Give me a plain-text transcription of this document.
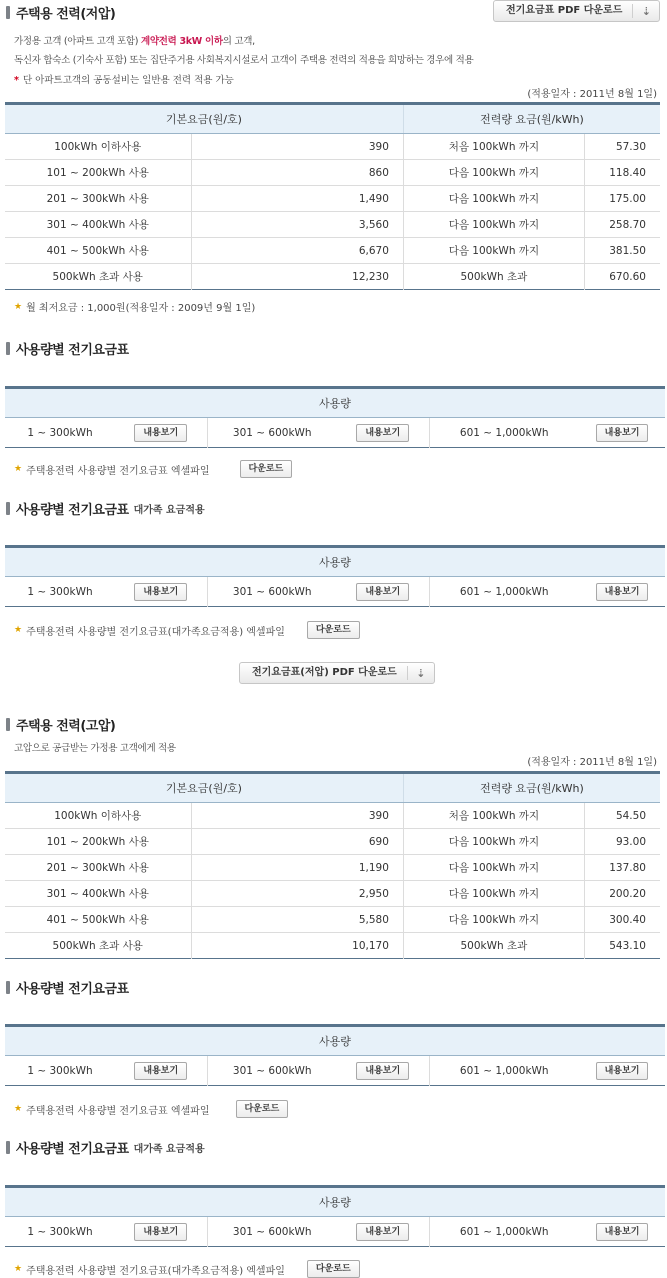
주택용 전력(저압)	전기요금표 PDF 다운로드	⇣
가정용 고객 (아파트 고객 포함) 계약전력 3kW 이하의 고객,
독신자 합숙소 (기숙사 포함) 또는 집단주거용 사회복지시설로서 고객이 주택용 전력의 적용을 희망하는 경우에 적용
* 단 아파트고객의 공동설비는 일반용 전력 적용 가능
(적용일자 : 2011년 8월 1일)
기본요금(원/호)		전력량 요금(원/kWh)	
100kWh 이하사용	390	처음 100kWh 까지	57.30
101 ~ 200kWh 사용	860	다음 100kWh 까지	118.40
201 ~ 300kWh 사용	1,490	다음 100kWh 까지	175.00
301 ~ 400kWh 사용	3,560	다음 100kWh 까지	258.70
401 ~ 500kWh 사용	6,670	다음 100kWh 까지	381.50
500kWh 초과 사용	12,230	500kWh 초과	670.60
★ 월 최저요금 : 1,000원(적용일자 : 2009년 9월 1일)
사용량별 전기요금표
사용량
1 ~ 300kWh	내용보기	301 ~ 600kWh	내용보기	601 ~ 1,000kWh	내용보기
★ 주택용전력 사용량별 전기요금표 엑셀파일	다운로드
사용량별 전기요금표 대가족 요금적용
사용량
1 ~ 300kWh	내용보기	301 ~ 600kWh	내용보기	601 ~ 1,000kWh	내용보기
★ 주택용전력 사용량별 전기요금표(대가족요금적용) 엑셀파일	다운로드
전기요금표(저압) PDF 다운로드	⇣
주택용 전력(고압)
고압으로 공급받는 가정용 고객에게 적용
(적용일자 : 2011년 8월 1일)
기본요금(원/호)		전력량 요금(원/kWh)	
100kWh 이하사용	390	처음 100kWh 까지	54.50
101 ~ 200kWh 사용	690	다음 100kWh 까지	93.00
201 ~ 300kWh 사용	1,190	다음 100kWh 까지	137.80
301 ~ 400kWh 사용	2,950	다음 100kWh 까지	200.20
401 ~ 500kWh 사용	5,580	다음 100kWh 까지	300.40
500kWh 초과 사용	10,170	500kWh 초과	543.10
사용량별 전기요금표
사용량
1 ~ 300kWh	내용보기	301 ~ 600kWh	내용보기	601 ~ 1,000kWh	내용보기
★ 주택용전력 사용량별 전기요금표 엑셀파일	다운로드
사용량별 전기요금표 대가족 요금적용
사용량
1 ~ 300kWh	내용보기	301 ~ 600kWh	내용보기	601 ~ 1,000kWh	내용보기
★ 주택용전력 사용량별 전기요금표(대가족요금적용) 엑셀파일	다운로드
